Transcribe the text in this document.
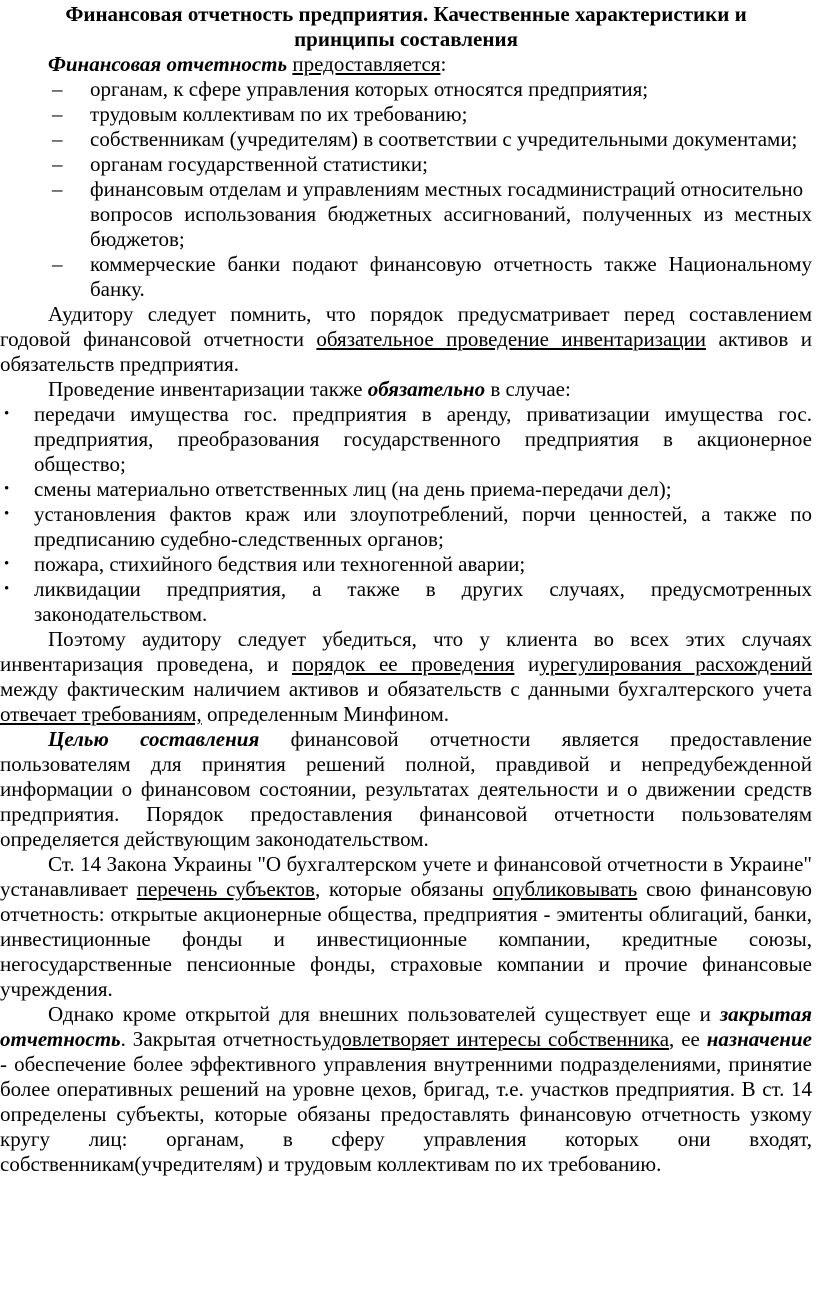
Финансовая отчетность предприятия. Качественные характеристики и принципы составления

Финансовая отчетность предоставляется:

– органам, к сфере управления которых относятся предприятия;
– трудовым коллективам по их требованию;
– собственникам (учредителям) в соответствии с учредительными документами;
– органам государственной статистики;
– финансовым отделам и управлениям местных госадминистраций относительно

вопросов использования бюджетных ассигнований, полученных из местных бюджетов;

– коммерческие банки подают финансовую отчетность также Национальному банку.

Аудитору следует помнить, что порядок предусматривает перед составлением годовой финансовой отчетности обязательное проведение инвентаризации активов и обязательств предприятия.

Проведение инвентаризации также обязательно в случае:

• передачи имущества гос. предприятия в аренду, приватизации имущества гос. предприятия, преобразования государственного предприятия в акционерное общество;
• смены материально ответственных лиц (на день приема-передачи дел);
• установления фактов краж или злоупотреблений, порчи ценностей, а также по предписанию судебно-следственных органов;
• пожара, стихийного бедствия или техногенной аварии;
• ликвидации предприятия, а также в других случаях, предусмотренных законодательством.

Поэтому аудитору следует убедиться, что у клиента во всех этих случаях инвентаризация проведена, и порядок ее проведения иурегулирования расхождений между фактическим наличием активов и обязательств с данными бухгалтерского учета отвечает требованиям, определенным Минфином.

Целью составления финансовой отчетности является предоставление пользователям для принятия решений полной, правдивой и непредубежденной информации о финансовом состоянии, результатах деятельности и о движении средств предприятия. Порядок предоставления финансовой отчетности пользователям определяется действующим законодательством.

Ст. 14 Закона Украины "О бухгалтерском учете и финансовой отчетности в Украине" устанавливает перечень субъектов, которые обязаны опубликовывать свою финансовую отчетность: открытые акционерные общества, предприятия - эмитенты облигаций, банки, инвестиционные фонды и инвестиционные компании, кредитные союзы, негосударственные пенсионные фонды, страховые компании и прочие финансовые учреждения.

Однако кроме открытой для внешних пользователей существует еще и закрытая отчетность. Закрытая отчетностьудовлетворяет интересы собственника, ее назначение - обеспечение более эффективного управления внутренними подразделениями, принятие более оперативных решений на уровне цехов, бригад, т.е. участков предприятия. В ст. 14 определены субъекты, которые обязаны предоставлять финансовую отчетность узкому кругу лиц: органам, в сферу управления которых они входят, собственникам(учредителям) и трудовым коллективам по их требованию.
